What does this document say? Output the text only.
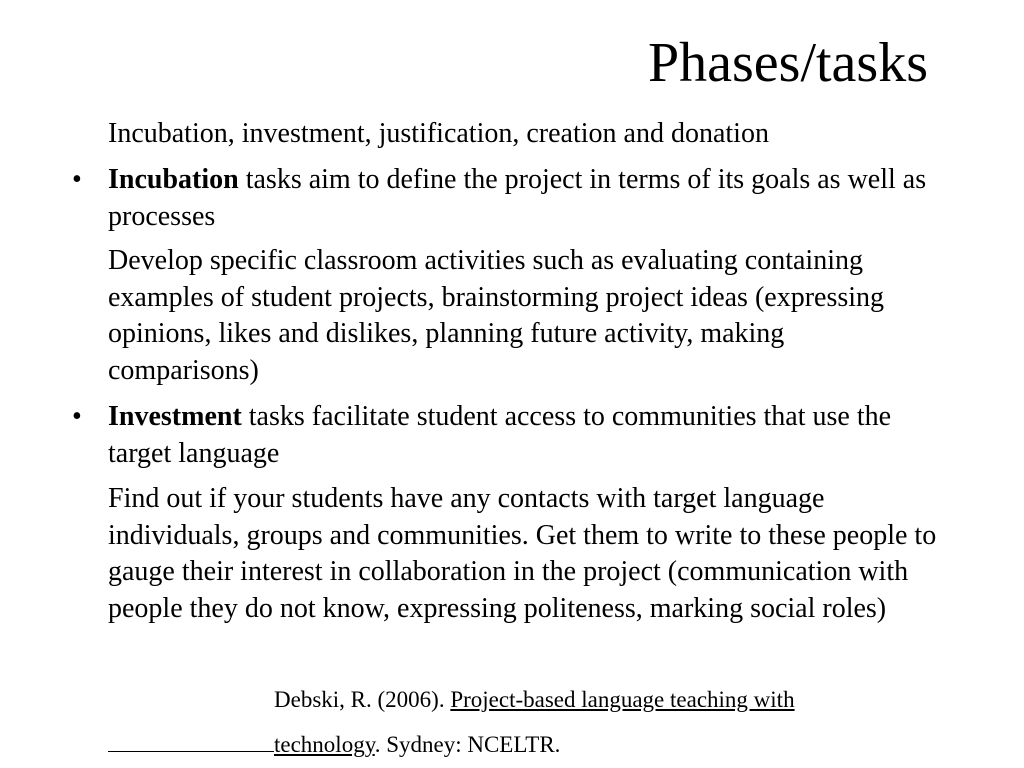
Phases/tasks
Incubation, investment, justification, creation and donation
• Incubation tasks aim to define the project in terms of its goals as well as processes
Develop specific classroom activities such as evaluating containing examples of student projects, brainstorming project ideas (expressing opinions, likes and dislikes, planning future activity, making comparisons)
• Investment tasks facilitate student access to communities that use the target language
Find out if your students have any contacts with target language individuals, groups and communities. Get them to write to these people to gauge their interest in collaboration in the project (communication with people they do not know, expressing politeness, marking social roles)
Debski, R. (2006). Project-based language teaching with
technology. Sydney: NCELTR.
